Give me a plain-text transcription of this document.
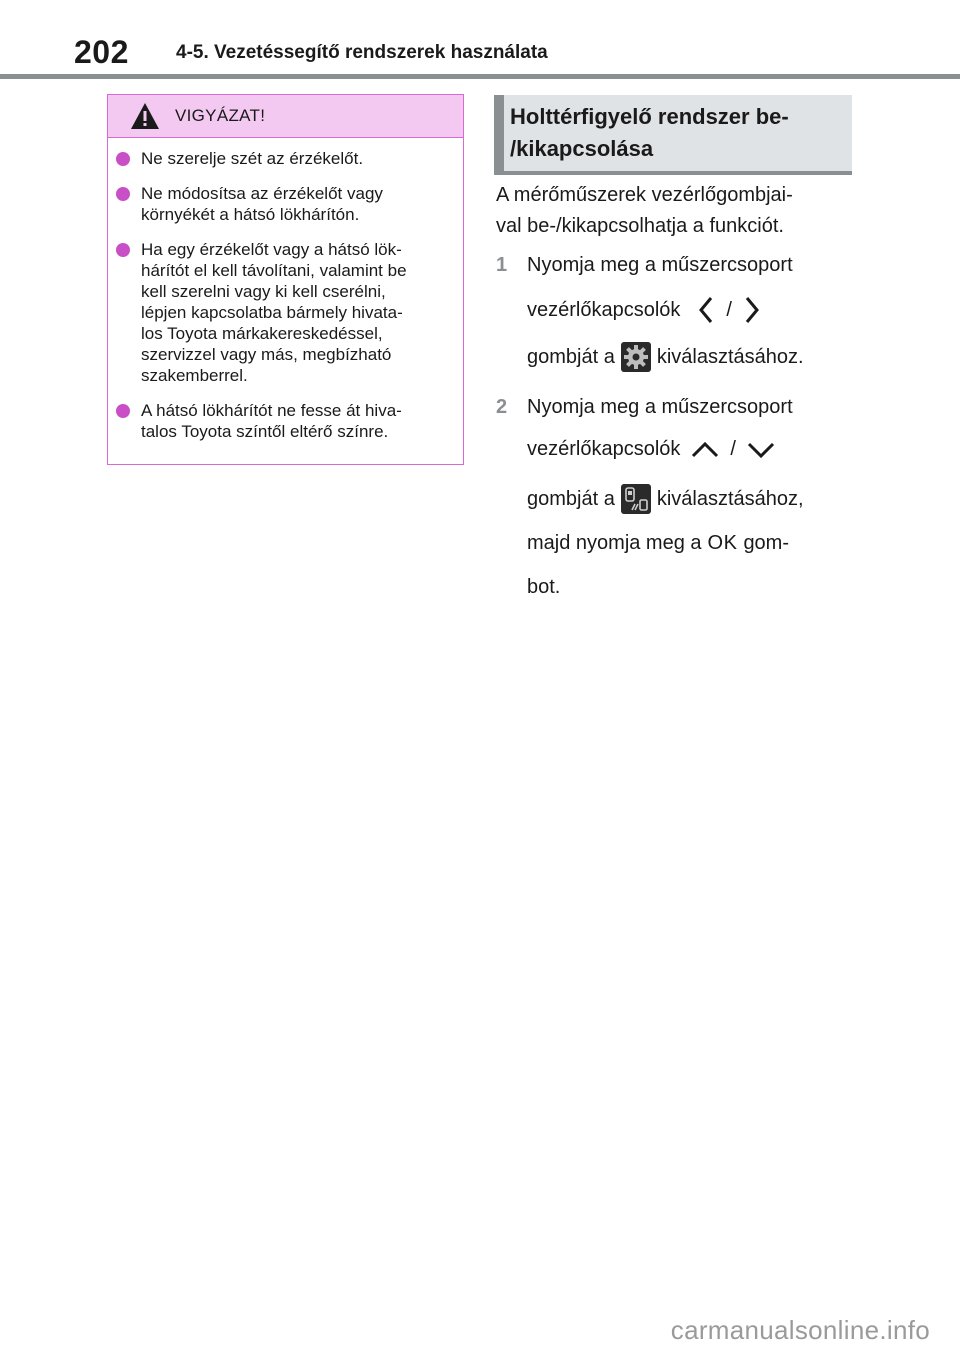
202 4-5. Vezetéssegítő rendszerek használata
VIGYÁZAT!
Ne szerelje szét az érzékelőt.
Ne módosítsa az érzékelőt vagy
környékét a hátsó lökhárítón.
Ha egy érzékelőt vagy a hátsó lök-
hárítót el kell távolítani, valamint be
kell szerelni vagy ki kell cserélni,
lépjen kapcsolatba bármely hivata-
los Toyota márkakereskedéssel,
szervizzel vagy más, megbízható
szakemberrel.
A hátsó lökhárítót ne fesse át hiva-
talos Toyota színtől eltérő színre.
Holttérfigyelő rendszer be-
/kikapcsolása
A mérőműszerek vezérlőgombjai-
val be-/kikapcsolhatja a funkciót.
1 Nyomja meg a műszercsoport
vezérlőkapcsolók /
gombját a kiválasztásához.
2 Nyomja meg a műszercsoport
vezérlőkapcsolók	/
gombját a kiválasztásához,
majd nyomja meg a OK gom-
bot.
carmanualsonline.info
